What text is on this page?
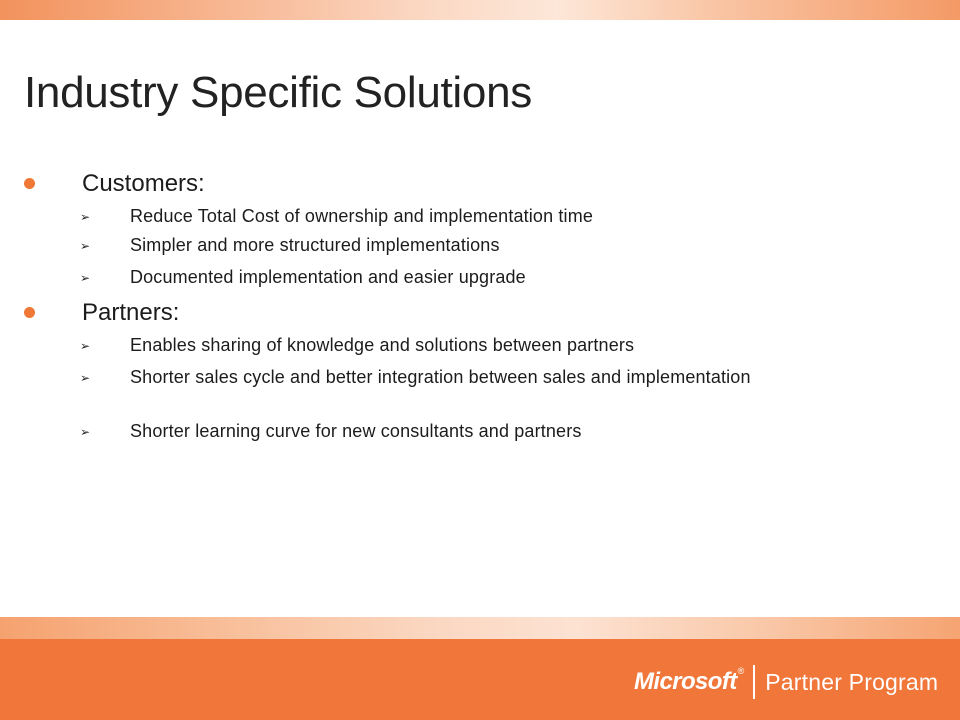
Industry Specific Solutions
Customers:
➢ Reduce Total Cost of ownership and implementation time
➢ Simpler and more structured implementations
➢ Documented implementation and easier upgrade
Partners:
➢ Enables sharing of knowledge and solutions between partners
➢ Shorter sales cycle and better integration between sales and implementation
➢ Shorter learning curve for new consultants and partners
Microsoft ® Partner Program
